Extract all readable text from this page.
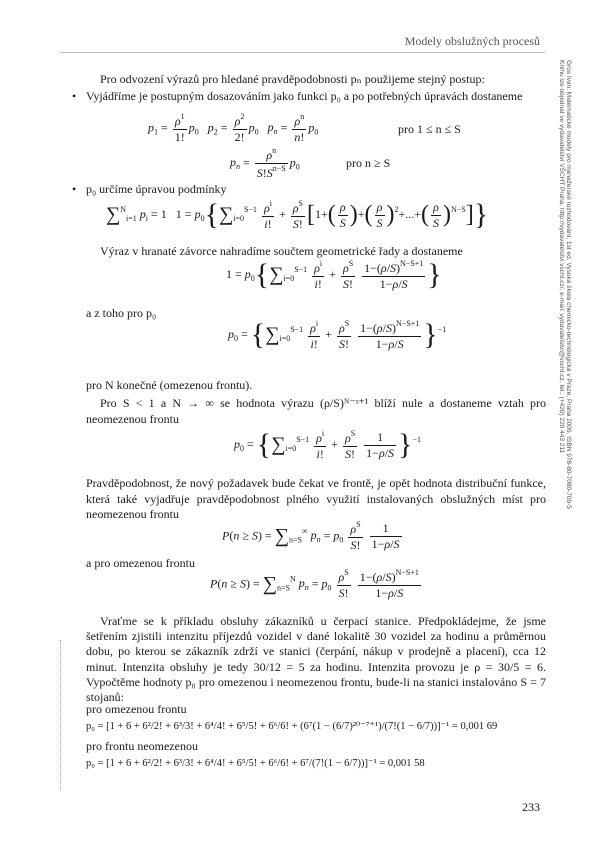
Modely obslužných procesů
Gros Ivan: Matematické modely pro manažerské rozhodování, 1st ed. Vysoká škola chemicko-technologická v Praze, Praha 2009, ISBN 978-80-7080-709-5
Knihu lze objednat ve vydavatelství VŠCHT Praha, http://vydavatelstvi.vscht.cz/, e-mail: vydavatelstvi@vscht.cz, tel.: (+420) 220 443 211
Pro odvození výrazů pro hledané pravděpodobnosti pₙ použijeme stejný postup:
• Vyjádříme je postupným dosazováním jako funkci p₀ a po potřebných úpravách dostaneme
$p_1 = \frac{\rho^1}{1!} p_0$ $p_2 = \frac{\rho^2}{2!} p_0$ $p_n = \frac{\rho^n}{n!} p_0$	pro 1 ≤ n ≤ S
$p_n = \frac{\rho^n}{S!S^{n-S}} p_0$	pro n ≥ S
• p₀ určíme úpravou podmínky
∑$^N_{i=1}$ $p_i = 1$   $1 = p_0\{\sum_{i=0}^{S-1} \frac{\rho^i}{i!} + \frac{\rho^S}{S!} [1+( \frac{\rho}{S}$ )+( $\frac{\rho}{S} )^2+...+( \frac{\rho}{S} )^{N-S}$]}
Výraz v hranaté závorce nahradíme součtem geometrické řady a dostaneme
$1 = p_0\{\sum_{i=0}^{S-1} \frac{\rho^i}{i!} + \frac{\rho^S}{S!}$
$\frac{1-(\rho/S)^{N-S+1}}{1-\rho/S}$ }
a z toho pro p₀
$p_0 = \{\sum_{i=0}^{S-1} \frac{\rho^i}{i!} + \frac{\rho^S}{S!}$
$\frac{1-(\rho/S)^{N-S+1}}{1-\rho/S} \}^{-1}$
pro N konečné (omezenou frontu).
Pro S < 1 a N → ∞ se hodnota výrazu (ρ/S)ᴺ⁻ˢ⁺¹ blíží nule a dostaneme vztah pro neomezenou frontu
$p_0 = \{\sum_{i=0}^{S-1} \frac{\rho^i}{i!} + \frac{\rho^S}{S!}$
$\frac{1}{1-\rho/S} \}^{-1}$
Pravděpodobnost, že nový požadavek bude čekat ve frontě, je opět hodnota distribuční funkce, která také vyjadřuje pravděpodobnost plného využití instalovaných obslužných míst pro neomezenou frontu
$P(n \ge S) = \sum_{n=S}^\infty$ $p_n = p_0 \frac{\rho^S}{S!}$
$\frac{1}{1-\rho/S}$
a pro omezenou frontu
$P(n \ge S) = \sum_{n=S}^N$ $p_n = p_0 \frac{\rho^S}{S!}$
$\frac{1-(\rho/S)^{N-S+1}}{1-\rho/S}$
Vraťme se k příkladu obsluhy zákazníků u čerpací stanice. Předpokládejme, že jsme šetřením zjistili intenzitu příjezdů vozidel v dané lokalitě 30 vozidel za hodinu a průměrnou dobu, po kterou se zákazník zdrží ve stanici (čerpání, nákup v prodejně a placení), cca 12 minut. Intenzita obsluhy je tedy 30/12 = 5 za hodinu. Intenzita provozu je ρ = 30/5 = 6. Vypočtěme hodnoty p₀ pro omezenou i neomezenou frontu, bude-li na stanici instalováno S = 7 stojanů:
pro omezenou frontu
p₀ = [1 + 6 + 6²/2! + 6³/3! + 6⁴/4! + 6⁵/5! + 6⁶/6! + (6⁷(1 − (6/7)²⁰⁻⁷⁺¹)/(7!(1 − 6/7))]⁻¹ = 0,001 69
pro frontu neomezenou
p₀ = [1 + 6 + 6²/2! + 6³/3! + 6⁴/4! + 6⁵/5! + 6⁶/6! + 6⁷/(7!(1 − 6/7))]⁻¹ = 0,001 58
233
